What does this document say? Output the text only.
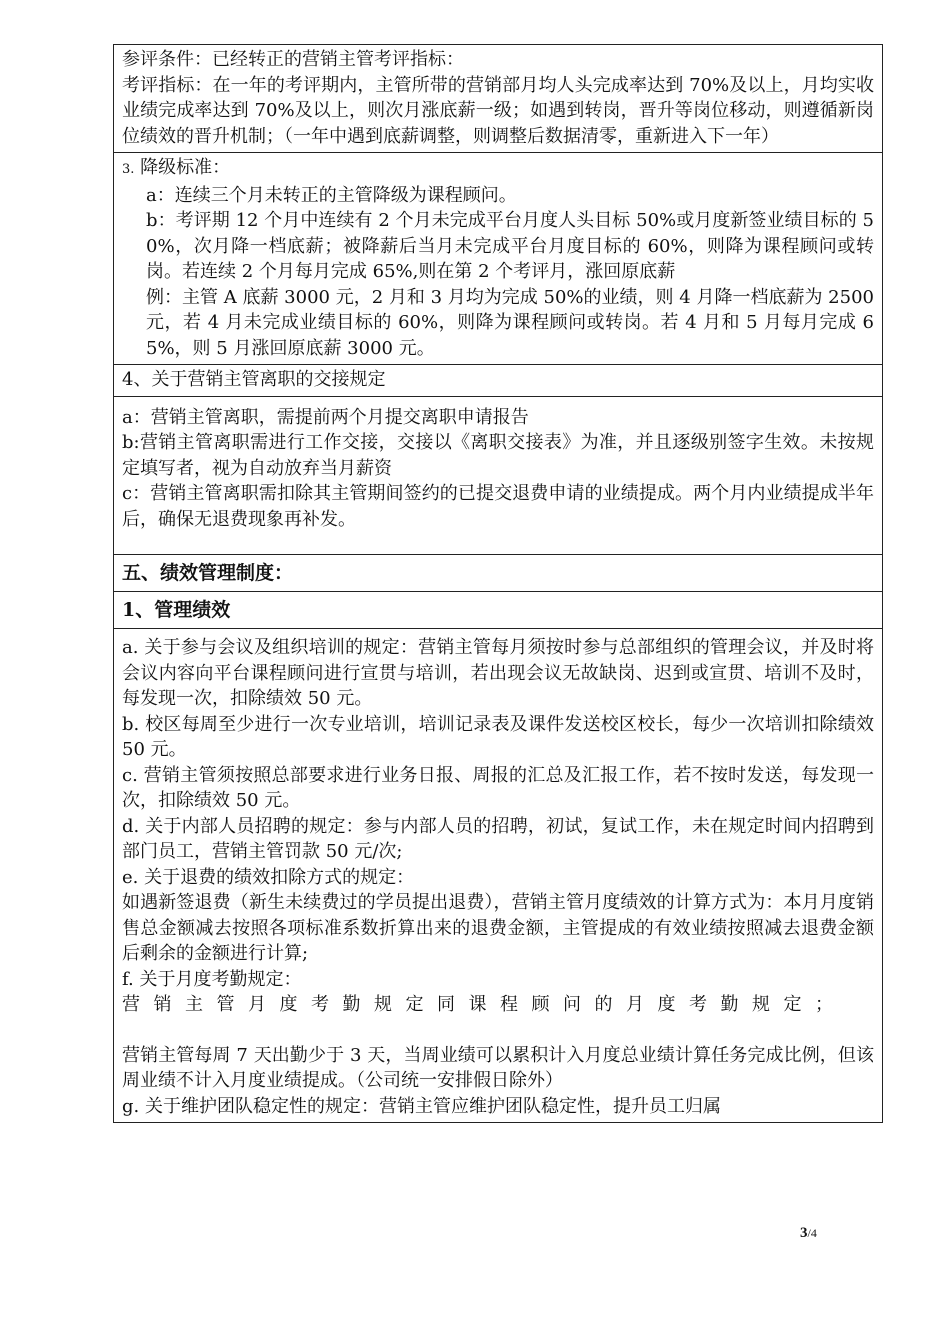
参评条件：已经转正的营销主管考评指标：
考评指标：在一年的考评期内，主管所带的营销部月均人头完成率达到 70%及以上，月均实收业绩完成率达到 70%及以上，则次月涨底薪一级；如遇到转岗，晋升等岗位移动，则遵循新岗位绩效的晋升机制；（一年中遇到底薪调整，则调整后数据清零，重新进入下一年）

3. 降级标准：
a：连续三个月未转正的主管降级为课程顾问。
b：考评期 12 个月中连续有 2 个月未完成平台月度人头目标 50%或月度新签业绩目标的 50%，次月降一档底薪；被降薪后当月未完成平台月度目标的 60%，则降为课程顾问或转岗。若连续 2 个月每月完成 65%,则在第 2 个考评月，涨回原底薪
例：主管 A 底薪 3000 元，2 月和 3 月均为完成 50%的业绩，则 4 月降一档底薪为 2500 元，若 4 月未完成业绩目标的 60%，则降为课程顾问或转岗。若 4 月和 5 月每月完成 65%，则 5 月涨回原底薪 3000 元。

4、关于营销主管离职的交接规定

a：营销主管离职，需提前两个月提交离职申请报告
b:营销主管离职需进行工作交接，交接以《离职交接表》为准，并且逐级别签字生效。未按规定填写者，视为自动放弃当月薪资
c：营销主管离职需扣除其主管期间签约的已提交退费申请的业绩提成。两个月内业绩提成半年后，确保无退费现象再补发。

五、绩效管理制度：

1、管理绩效

a. 关于参与会议及组织培训的规定：营销主管每月须按时参与总部组织的管理会议，并及时将会议内容向平台课程顾问进行宣贯与培训，若出现会议无故缺岗、迟到或宣贯、培训不及时，每发现一次，扣除绩效 50 元。
b. 校区每周至少进行一次专业培训，培训记录表及课件发送校区校长，每少一次培训扣除绩效 50 元。
c. 营销主管须按照总部要求进行业务日报、周报的汇总及汇报工作，若不按时发送，每发现一次，扣除绩效 50 元。
d. 关于内部人员招聘的规定：参与内部人员的招聘，初试，复试工作，未在规定时间内招聘到部门员工，营销主管罚款 50 元/次;
e. 关于退费的绩效扣除方式的规定：
如遇新签退费（新生未续费过的学员提出退费），营销主管月度绩效的计算方式为：本月月度销售总金额减去按照各项标准系数折算出来的退费金额，主管提成的有效业绩按照减去退费金额后剩余的金额进行计算;
f. 关于月度考勤规定：
营销主管月度考勤规定同课程顾问的月度考勤规定；
营销主管每周 7 天出勤少于 3 天，当周业绩可以累积计入月度总业绩计算任务完成比例，但该周业绩不计入月度业绩提成。（公司统一安排假日除外）
g. 关于维护团队稳定性的规定：营销主管应维护团队稳定性，提升员工归属
3/4
